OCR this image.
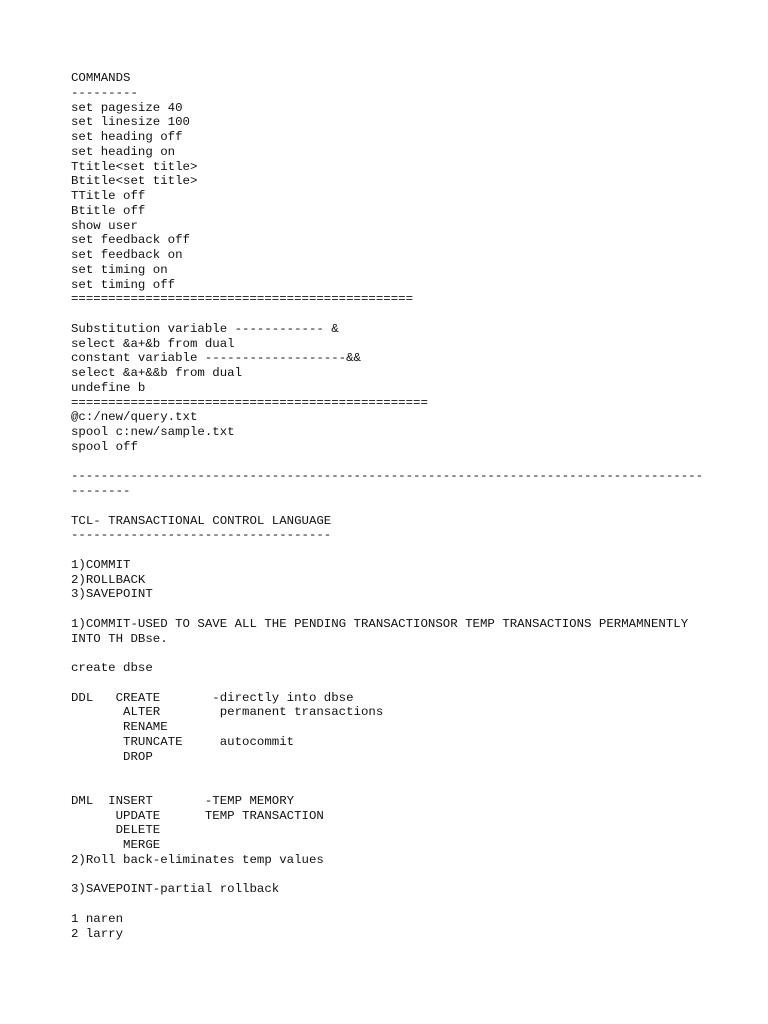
COMMANDS
---------
set pagesize 40
set linesize 100
set heading off
set heading on
Ttitle<set title>
Btitle<set title>
TTitle off
Btitle off
show user
set feedback off
set feedback on
set timing on
set timing off
==============================================

Substitution variable ------------ &
select &a+&b from dual
constant variable -------------------&&
select &a+&&b from dual
undefine b
================================================
@c:/new/query.txt
spool c:new/sample.txt
spool off

-------------------------------------------------------------------------------------
--------

TCL- TRANSACTIONAL CONTROL LANGUAGE
-----------------------------------

1)COMMIT
2)ROLLBACK
3)SAVEPOINT

1)COMMIT-USED TO SAVE ALL THE PENDING TRANSACTIONSOR TEMP TRANSACTIONS PERMAMNENTLY
INTO TH DBse.

create dbse

DDL   CREATE       -directly into dbse
ALTER        permanent transactions
RENAME
TRUNCATE     autocommit
DROP

DML  INSERT       -TEMP MEMORY
UPDATE      TEMP TRANSACTION
DELETE
MERGE
2)Roll back-eliminates temp values

3)SAVEPOINT-partial rollback

1 naren
2 larry
